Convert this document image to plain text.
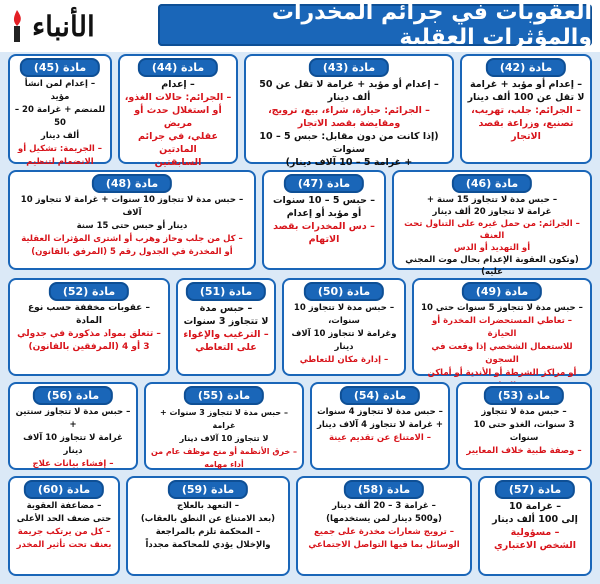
العقوبات في جرائم المخدرات والمؤثرات العقلية
الأنباء
مادة (42)
– إعدام أو مؤبد + غرامة
لا تقل عن 100 ألف دينار
– الجرائم: جلب، تهريب،
تصنيع، وزراعة بقصد الاتجار
مادة (43)
– إعدام أو مؤبد + غرامة لا تقل عن 50 ألف دينار
– الجرائم: حيازة، شراء، بيع، ترويج،
ومقايضة بقصد الاتجار
(إذا كانت من دون مقابل: حبس 5 – 10 سنوات
+ غرامة 5 – 10 آلاف دينار)
مادة (44)
– إعدام
– الجرائم: حالات الغذو،
أو استغلال حدث أو مريض
عقلي، في جرائم المادتين
السابقتين
مادة (45)
– إعدام لمن انشأ مؤيد
للمنضم + غرامة 20 – 50
ألف دينار
– الجريمة: تشكيل أو
الانضمام لتنظيم
مادة (46)
– حبس مدة لا تتجاوز 15 سنة +
غرامة لا تتجاوز 20 ألف دينار
– الجرائم: من حمل غيره على التناول تحت العنف
أو التهديد أو الدس
(وتكون العقوبة الإعدام بحال موت المجني عليه)
مادة (47)
– حبس 5 – 10 سنوات
أو مؤبد أو إعدام
– دس المخدرات بقصد الاتهام
مادة (48)
– حبس مدة لا تتجاوز 10 سنوات + غرامة لا تتجاوز 10 آلاف
دينار أو حبس حتى 15 سنة
– كل من جلب وحاز وهرب أو اشترى المؤثرات العقلية
أو المخدرة في الجدول رقم 5 (المرفق بالقانون)
مادة (49)
– حبس مدة لا تتجاوز 5 سنوات حتى 10
– تعاطي المستحضرات المخدرة أو الحيازة
للاستعمال الشخصي إذا وقعت في السجون
أو مراكز الشرطة أو الأندية أو أماكن
مادة (50)
– حبس مدة لا تتجاوز 10 سنوات،
وغرامة لا تتجاوز 10 آلاف دينار
– إدارة مكان للتعاطي
مادة (51)
– حبس مدة
لا تتجاوز 3 سنوات
– الترغيب والإغواء
على التعاطي
مادة (52)
– عقوبات مخففة حسب نوع المادة
– تتعلق بمواد مذكورة في جدولي
3 أو 4 (المرفقين بالقانون)
مادة (53)
– حبس مدة لا تتجاوز
3 سنوات، الغذو حتى 10 سنوات
– وصفة طبية خلاف المعايير
مادة (54)
– حبس مدة لا تتجاوز 4 سنوات
+ غرامة لا تتجاوز 4 آلاف دينار
– الامتناع عن تقديم عينة
مادة (55)
– حبس مدة لا تتجاوز 3 سنوات + غرامة
لا تتجاوز 10 آلاف دينار
– خرق الأنظمة أو منع موظف عام من أداء مهامه
مادة (56)
– حبس مدة لا تتجاوز سنتين +
غرامة لا تتجاوز 10 آلاف دينار
– إفشاء بيانات علاج
مادة (57)
– غرامة 10
إلى 100 ألف دينار
– مسؤولية
الشخص الاعتباري
مادة (58)
– غرامة 3 – 20 ألف دينار
(و500 دينار لمن يستخدمها)
– ترويج شعارات مخدرة على جميع
الوسائل بما فيها التواصل الاجتماعي
مادة (59)
– التعهد بالعلاج
(بعد الامتناع عن النطق بالعقاب)
– المحكمة تلزم بالمراجعة
والإخلال يؤدي للمحاكمة مجدداً
مادة (60)
– مضاعفة العقوبة
حتى ضعف الحد الأعلى
– كل من يرتكب جريمة
بعنف تحت تأثير المخدر
